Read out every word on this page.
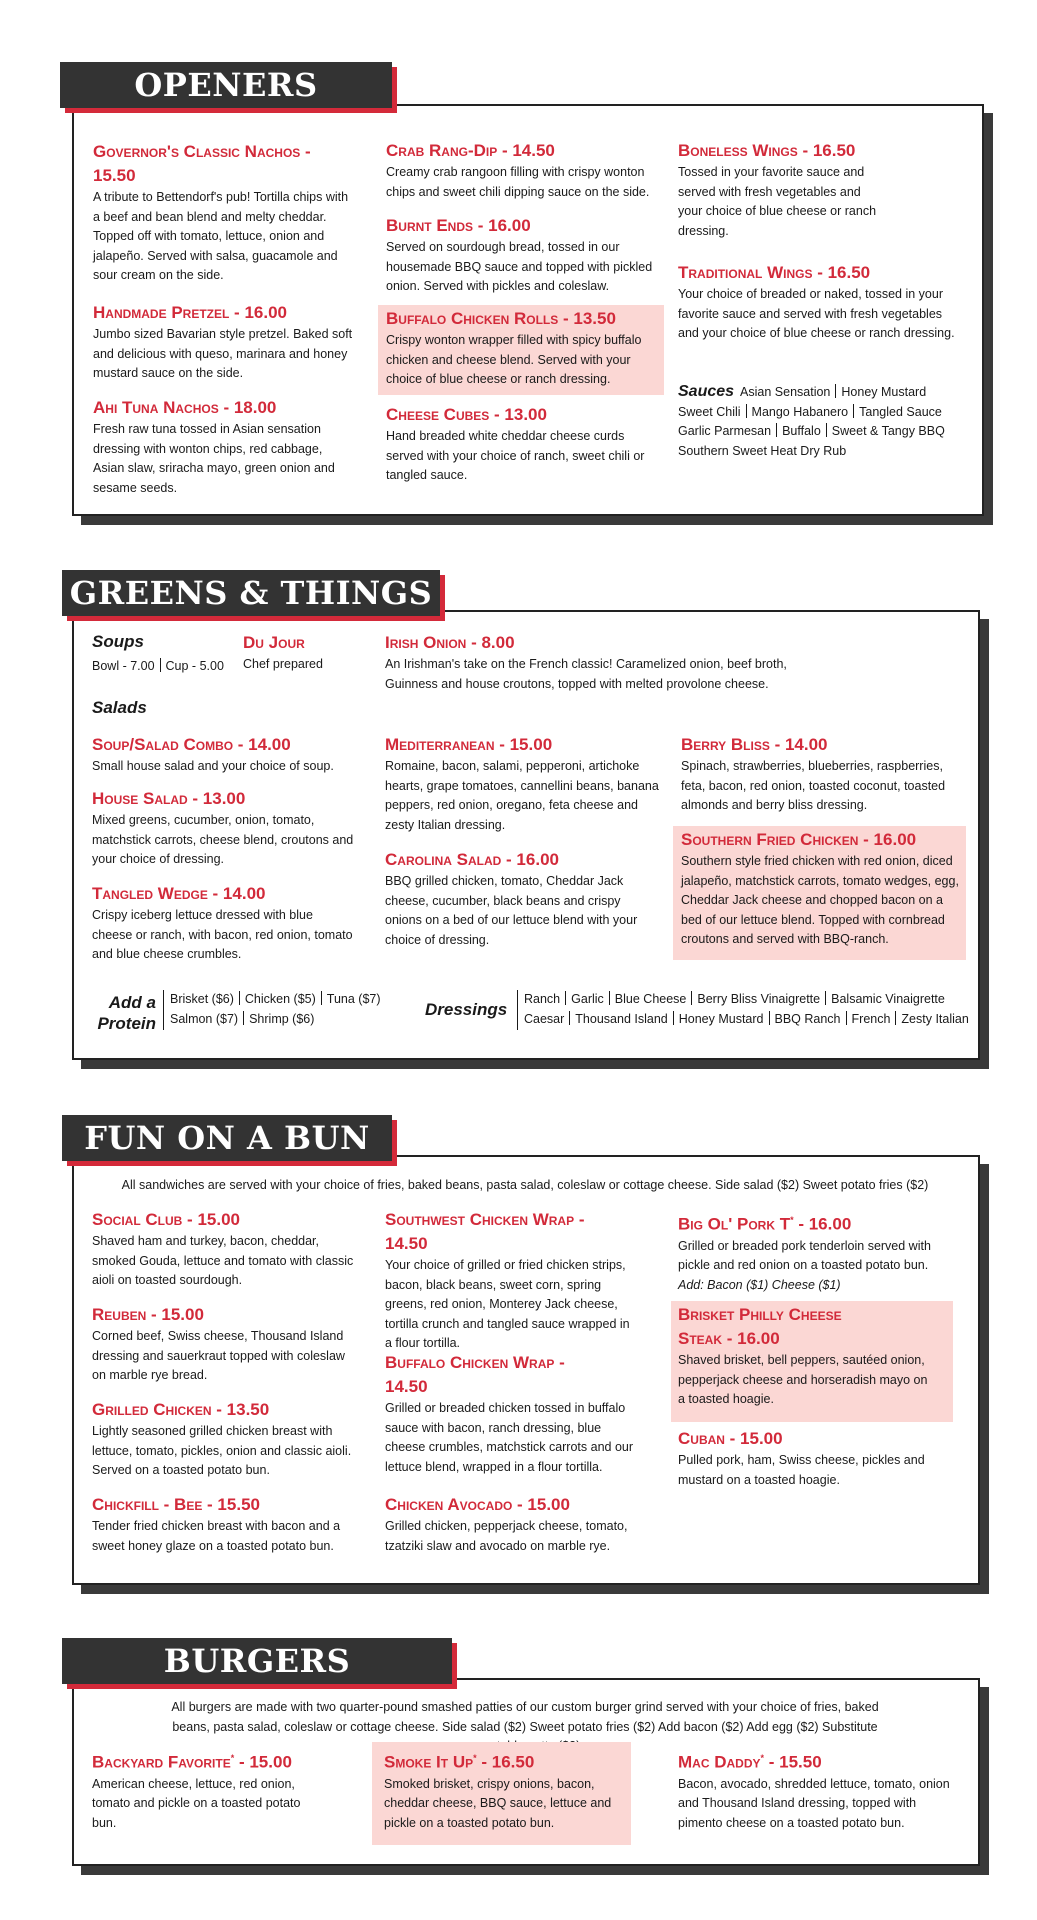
OPENERS
Governor's Classic Nachos - 15.50
A tribute to Bettendorf's pub! Tortilla chips with a beef and bean blend and melty cheddar. Topped off with tomato, lettuce, onion and jalapeño. Served with salsa, guacamole and sour cream on the side.
Handmade Pretzel - 16.00
Jumbo sized Bavarian style pretzel. Baked soft and delicious with queso, marinara and honey mustard sauce on the side.
Ahi Tuna Nachos - 18.00
Fresh raw tuna tossed in Asian sensation dressing with wonton chips, red cabbage, Asian slaw, sriracha mayo, green onion and sesame seeds.
Crab Rang-Dip - 14.50
Creamy crab rangoon filling with crispy wonton chips and sweet chili dipping sauce on the side.
Burnt Ends - 16.00
Served on sourdough bread, tossed in our housemade BBQ sauce and topped with pickled onion. Served with pickles and coleslaw.
Buffalo Chicken Rolls - 13.50
Crispy wonton wrapper filled with spicy buffalo chicken and cheese blend. Served with your choice of blue cheese or ranch dressing.
Cheese Cubes - 13.00
Hand breaded white cheddar cheese curds served with your choice of ranch, sweet chili or tangled sauce.
Boneless Wings - 16.50
Tossed in your favorite sauce and served with fresh vegetables and your choice of blue cheese or ranch dressing.
Traditional Wings - 16.50
Your choice of breaded or naked, tossed in your favorite sauce and served with fresh vegetables and your choice of blue cheese or ranch dressing.
Sauces Asian Sensation Honey Mustard
Sweet Chili Mango Habanero Tangled Sauce
Garlic Parmesan Buffalo Sweet & Tangy BBQ
Southern Sweet Heat Dry Rub
GREENS & THINGS
Soups
Bowl - 7.00 Cup - 5.00
Du Jour
Chef prepared
Irish Onion - 8.00
An Irishman's take on the French classic! Caramelized onion, beef broth, Guinness and house croutons, topped with melted provolone cheese.
Salads
Soup/Salad Combo - 14.00
Small house salad and your choice of soup.
House Salad - 13.00
Mixed greens, cucumber, onion, tomato, matchstick carrots, cheese blend, croutons and your choice of dressing.
Tangled Wedge - 14.00
Crispy iceberg lettuce dressed with blue cheese or ranch, with bacon, red onion, tomato and blue cheese crumbles.
Mediterranean - 15.00
Romaine, bacon, salami, pepperoni, artichoke hearts, grape tomatoes, cannellini beans, banana peppers, red onion, oregano, feta cheese and zesty Italian dressing.
Carolina Salad - 16.00
BBQ grilled chicken, tomato, Cheddar Jack cheese, cucumber, black beans and crispy onions on a bed of our lettuce blend with your choice of dressing.
Berry Bliss - 14.00
Spinach, strawberries, blueberries, raspberries, feta, bacon, red onion, toasted coconut, toasted almonds and berry bliss dressing.
Southern Fried Chicken - 16.00
Southern style fried chicken with red onion, diced jalapeño, matchstick carrots, tomato wedges, egg, Cheddar Jack cheese and chopped bacon on a bed of our lettuce blend. Topped with cornbread croutons and served with BBQ-ranch.
Add a
Protein
Brisket ($6) Chicken ($5) Tuna ($7)
Salmon ($7) Shrimp ($6)	Dressings
Ranch Garlic Blue Cheese Berry Bliss Vinaigrette Balsamic Vinaigrette
Caesar Thousand Island Honey Mustard BBQ Ranch French Zesty Italian
FUN ON A BUN
All sandwiches are served with your choice of fries, baked beans, pasta salad, coleslaw or cottage cheese. Side salad ($2) Sweet potato fries ($2)
Social Club - 15.00
Shaved ham and turkey, bacon, cheddar, smoked Gouda, lettuce and tomato with classic aioli on toasted sourdough.
Reuben - 15.00
Corned beef, Swiss cheese, Thousand Island dressing and sauerkraut topped with coleslaw on marble rye bread.
Grilled Chicken - 13.50
Lightly seasoned grilled chicken breast with lettuce, tomato, pickles, onion and classic aioli. Served on a toasted potato bun.
Chickfill - Bee - 15.50
Tender fried chicken breast with bacon and a sweet honey glaze on a toasted potato bun.
Southwest Chicken Wrap - 14.50
Your choice of grilled or fried chicken strips, bacon, black beans, sweet corn, spring greens, red onion, Monterey Jack cheese, tortilla crunch and tangled sauce wrapped in a flour tortilla.
Buffalo Chicken Wrap - 14.50
Grilled or breaded chicken tossed in buffalo sauce with bacon, ranch dressing, blue cheese crumbles, matchstick carrots and our lettuce blend, wrapped in a flour tortilla.
Chicken Avocado - 15.00
Grilled chicken, pepperjack cheese, tomato, tzatziki slaw and avocado on marble rye.
Big Ol' Pork T* - 16.00
Grilled or breaded pork tenderloin served with pickle and red onion on a toasted potato bun.
Add: Bacon ($1) Cheese ($1)
Brisket Philly Cheese Steak - 16.00
Shaved brisket, bell peppers, sautéed onion, pepperjack cheese and horseradish mayo on a toasted hoagie.
Cuban - 15.00
Pulled pork, ham, Swiss cheese, pickles and mustard on a toasted hoagie.
BURGERS
All burgers are made with two quarter-pound smashed patties of our custom burger grind served with your choice of fries, baked beans, pasta salad, coleslaw or cottage cheese. Side salad ($2) Sweet potato fries ($2) Add bacon ($2) Add egg ($2) Substitute
Backyard Favorite* - 15.00
American cheese, lettuce, red onion, tomato and pickle on a toasted potato bun.
Smoke It Up* - 16.50
Smoked brisket, crispy onions, bacon, cheddar cheese, BBQ sauce, lettuce and pickle on a toasted potato bun.
Mac Daddy* - 15.50
Bacon, avocado, shredded lettuce, tomato, onion and Thousand Island dressing, topped with pimento cheese on a toasted potato bun.
